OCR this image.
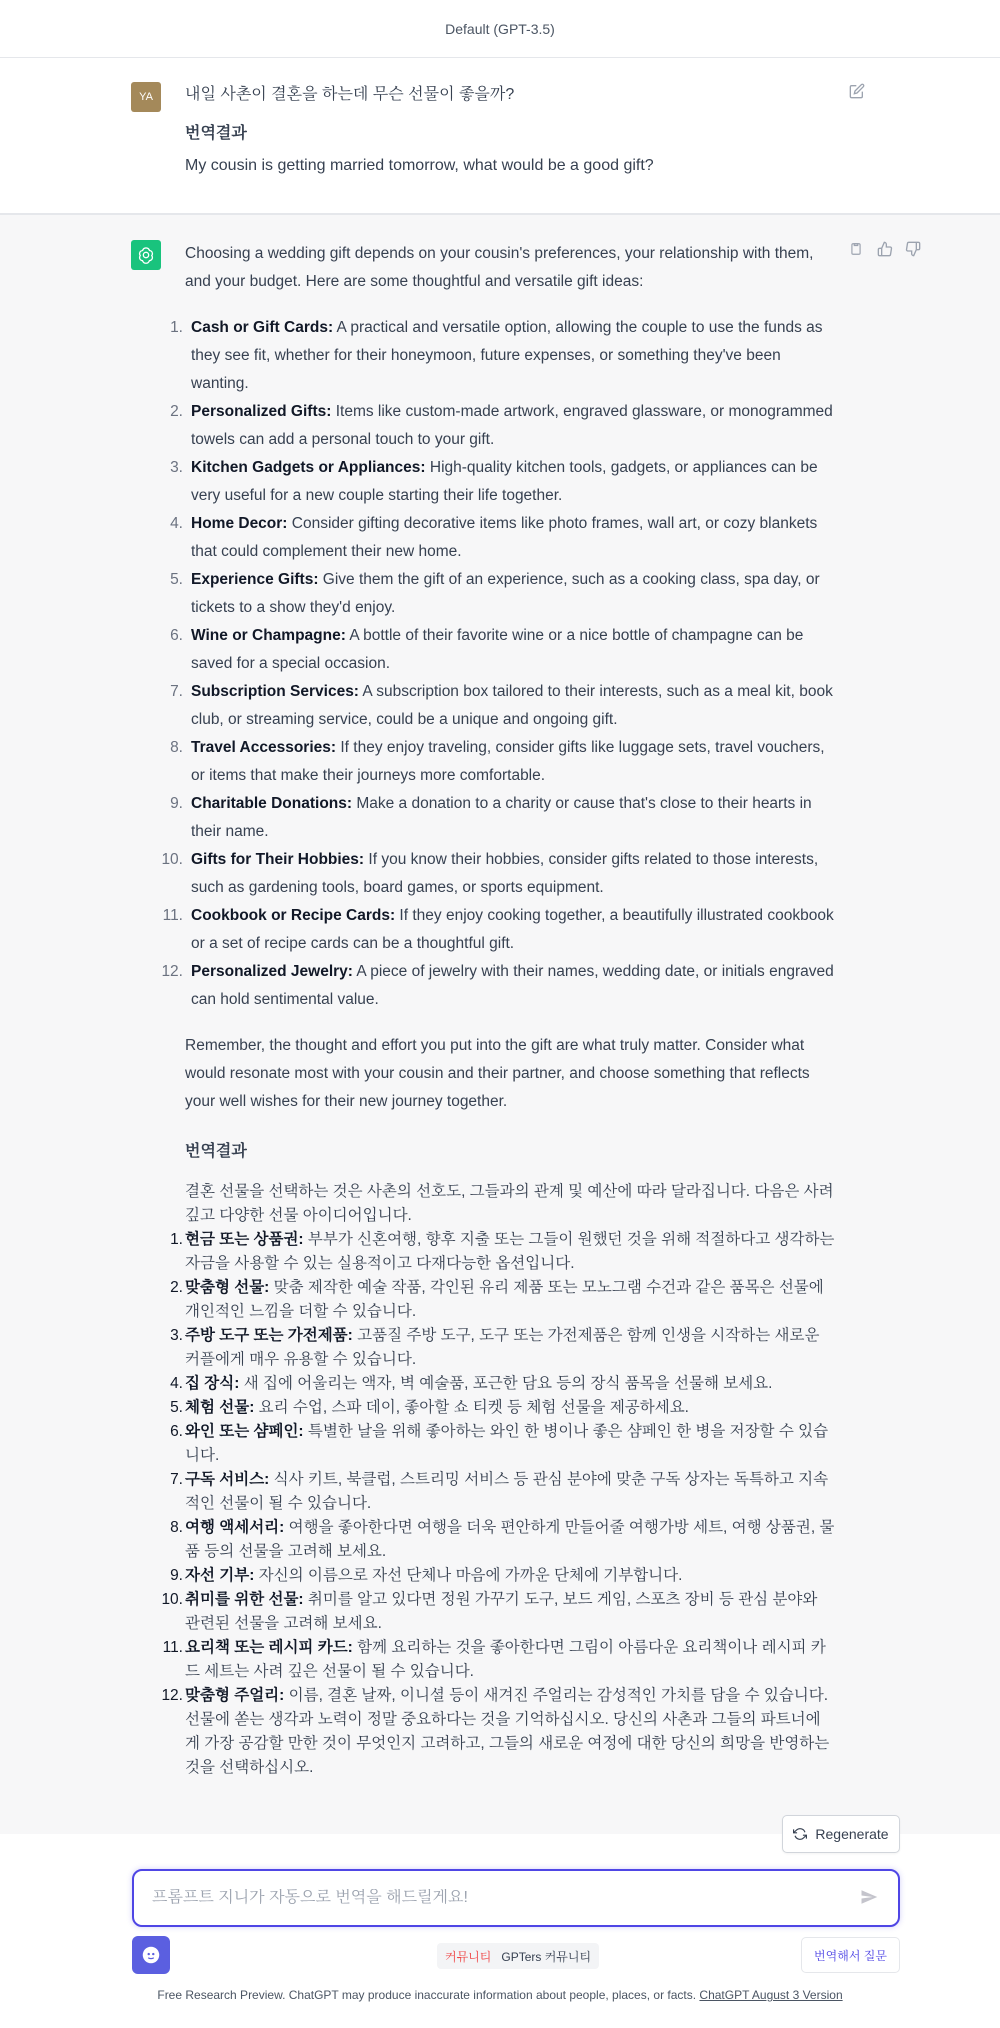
Default (GPT-3.5)
YA 내일 사촌이 결혼을 하는데 무슨 선물이 좋을까?
번역결과
My cousin is getting married tomorrow, what would be a good gift?

Choosing a wedding gift depends on your cousin's preferences, your relationship with them, and your budget. Here are some thoughtful and versatile gift ideas:

1. Cash or Gift Cards: A practical and versatile option, allowing the couple to use the funds as they see fit, whether for their honeymoon, future expenses, or something they've been wanting.
2. Personalized Gifts: Items like custom-made artwork, engraved glassware, or monogrammed towels can add a personal touch to your gift.
3. Kitchen Gadgets or Appliances: High-quality kitchen tools, gadgets, or appliances can be very useful for a new couple starting their life together.
4. Home Decor: Consider gifting decorative items like photo frames, wall art, or cozy blankets that could complement their new home.
5. Experience Gifts: Give them the gift of an experience, such as a cooking class, spa day, or tickets to a show they'd enjoy.
6. Wine or Champagne: A bottle of their favorite wine or a nice bottle of champagne can be saved for a special occasion.
7. Subscription Services: A subscription box tailored to their interests, such as a meal kit, book club, or streaming service, could be a unique and ongoing gift.
8. Travel Accessories: If they enjoy traveling, consider gifts like luggage sets, travel vouchers, or items that make their journeys more comfortable.
9. Charitable Donations: Make a donation to a charity or cause that's close to their hearts in their name.
10. Gifts for Their Hobbies: If you know their hobbies, consider gifts related to those interests, such as gardening tools, board games, or sports equipment.
11. Cookbook or Recipe Cards: If they enjoy cooking together, a beautifully illustrated cookbook or a set of recipe cards can be a thoughtful gift.
12. Personalized Jewelry: A piece of jewelry with their names, wedding date, or initials engraved can hold sentimental value.

Remember, the thought and effort you put into the gift are what truly matter. Consider what would resonate most with your cousin and their partner, and choose something that reflects your well wishes for their new journey together.

번역결과

결혼 선물을 선택하는 것은 사촌의 선호도, 그들과의 관계 및 예산에 따라 달라집니다. 다음은 사려 깊고 다양한 선물 아이디어입니다.

1. 현금 또는 상품권: 부부가 신혼여행, 향후 지출 또는 그들이 원했던 것을 위해 적절하다고 생각하는 자금을 사용할 수 있는 실용적이고 다재다능한 옵션입니다.
2. 맞춤형 선물: 맞춤 제작한 예술 작품, 각인된 유리 제품 또는 모노그램 수건과 같은 품목은 선물에 개인적인 느낌을 더할 수 있습니다.
3. 주방 도구 또는 가전제품: 고품질 주방 도구, 도구 또는 가전제품은 함께 인생을 시작하는 새로운 커플에게 매우 유용할 수 있습니다.
4. 집 장식: 새 집에 어울리는 액자, 벽 예술품, 포근한 담요 등의 장식 품목을 선물해 보세요.
5. 체험 선물: 요리 수업, 스파 데이, 좋아할 쇼 티켓 등 체험 선물을 제공하세요.
6. 와인 또는 샴페인: 특별한 날을 위해 좋아하는 와인 한 병이나 좋은 샴페인 한 병을 저장할 수 있습니다.
7. 구독 서비스: 식사 키트, 북클럽, 스트리밍 서비스 등 관심 분야에 맞춘 구독 상자는 독특하고 지속적인 선물이 될 수 있습니다.
8. 여행 액세서리: 여행을 좋아한다면 여행을 더욱 편안하게 만들어줄 여행가방 세트, 여행 상품권, 물품 등의 선물을 고려해 보세요.
9. 자선 기부: 자신의 이름으로 자선 단체나 마음에 가까운 단체에 기부합니다.
10. 취미를 위한 선물: 취미를 알고 있다면 정원 가꾸기 도구, 보드 게임, 스포츠 장비 등 관심 분야와 관련된 선물을 고려해 보세요.
11. 요리책 또는 레시피 카드: 함께 요리하는 것을 좋아한다면 그림이 아름다운 요리책이나 레시피 카드 세트는 사려 깊은 선물이 될 수 있습니다.
12. 맞춤형 주얼리: 이름, 결혼 날짜, 이니셜 등이 새겨진 주얼리는 감성적인 가치를 담을 수 있습니다.

선물에 쏟는 생각과 노력이 정말 중요하다는 것을 기억하십시오. 당신의 사촌과 그들의 파트너에게 가장 공감할 만한 것이 무엇인지 고려하고, 그들의 새로운 여정에 대한 당신의 희망을 반영하는 것을 선택하십시오.

Regenerate
프롬프트 지니가 자동으로 번역을 해드릴게요!
커뮤니티 GPTers 커뮤니티	번역해서 질문
Free Research Preview. ChatGPT may produce inaccurate information about people, places, or facts. ChatGPT August 3 Version
